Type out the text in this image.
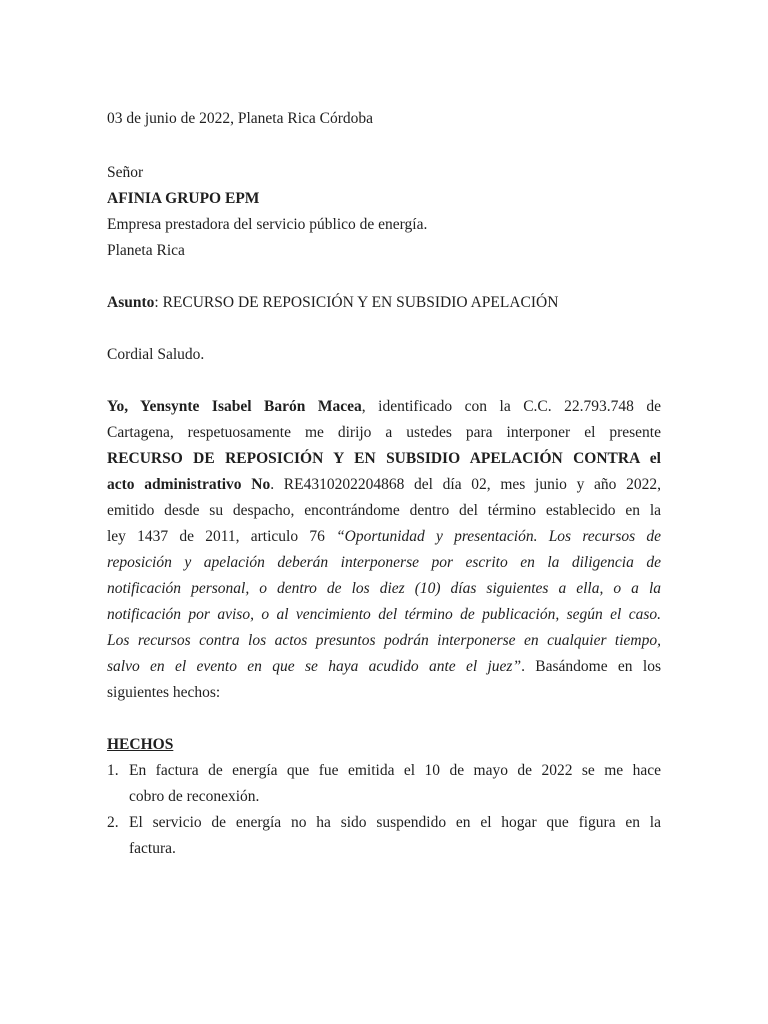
03 de junio de 2022, Planeta Rica Córdoba
Señor
AFINIA GRUPO EPM
Empresa prestadora del servicio público de energía.
Planeta Rica
Asunto: RECURSO DE REPOSICIÓN Y EN SUBSIDIO APELACIÓN
Cordial Saludo.
Yo, Yensynte Isabel Barón Macea, identificado con la C.C. 22.793.748 de
Cartagena, respetuosamente me dirijo a ustedes para interponer el presente
RECURSO DE REPOSICIÓN Y EN SUBSIDIO APELACIÓN CONTRA el
acto administrativo No. RE4310202204868 del día 02, mes junio y año 2022,
emitido desde su despacho, encontrándome dentro del término establecido en la
ley 1437 de 2011, articulo 76 “Oportunidad y presentación. Los recursos de
reposición y apelación deberán interponerse por escrito en la diligencia de
notificación personal, o dentro de los diez (10) días siguientes a ella, o a la
notificación por aviso, o al vencimiento del término de publicación, según el caso.
Los recursos contra los actos presuntos podrán interponerse en cualquier tiempo,
salvo en el evento en que se haya acudido ante el juez”. Basándome en los
siguientes hechos:
HECHOS
1. En factura de energía que fue emitida el 10 de mayo de 2022 se me hace
cobro de reconexión.
2. El servicio de energía no ha sido suspendido en el hogar que figura en la
factura.
